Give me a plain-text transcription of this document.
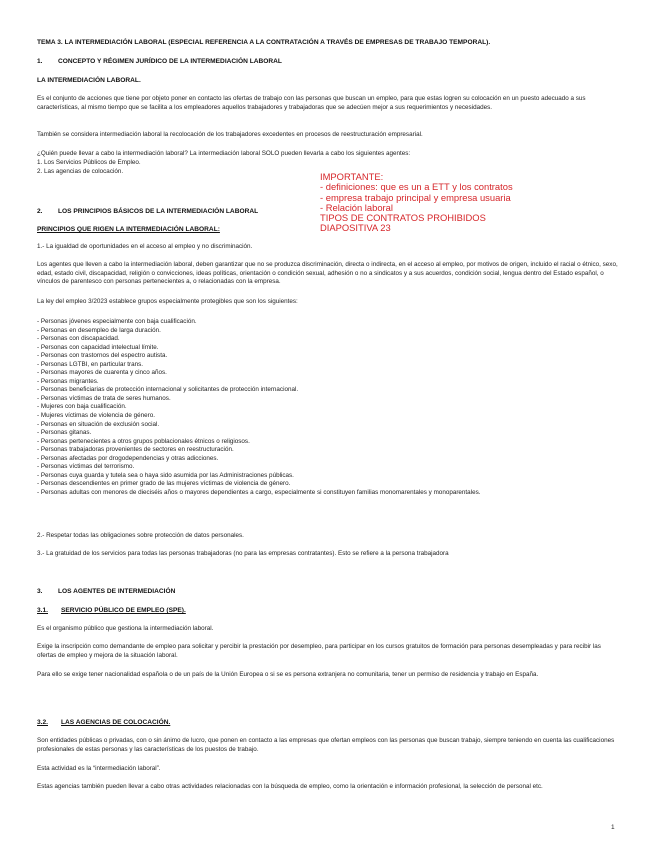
TEMA 3. LA INTERMEDIACIÓN LABORAL (ESPECIAL REFERENCIA A LA CONTRATACIÓN A TRAVÉS DE EMPRESAS DE TRABAJO TEMPORAL).

1. CONCEPTO Y RÉGIMEN JURÍDICO DE LA INTERMEDIACIÓN LABORAL

LA INTERMEDIACIÓN LABORAL.

Es el conjunto de acciones que tiene por objeto poner en contacto las ofertas de trabajo con las personas que buscan un empleo, para que estas logren su colocación en un puesto adecuado a sus características, al mismo tiempo que se facilita a los empleadores aquellos trabajadores y trabajadoras que se adecúen mejor a sus requerimientos y necesidades.

También se considera intermediación laboral la recolocación de los trabajadores excedentes en procesos de reestructuración empresarial.

¿Quién puede llevar a cabo la intermediación laboral? La intermediación laboral SOLO pueden llevarla a cabo los siguientes agentes:

1. Los Servicios Públicos de Empleo.

2. Las agencias de colocación.	IMPORTANTE:
- definiciones: que es un a ETT y los contratos
- empresa trabajo principal y empresa usuaria
- Relación laboral
TIPOS DE CONTRATOS PROHIBIDOS
DIAPOSITIVA 23
2. LOS PRINCIPIOS BÁSICOS DE LA INTERMEDIACIÓN LABORAL

PRINCIPIOS QUE RIGEN LA INTERMEDIACIÓN LABORAL:

1.- La igualdad de oportunidades en el acceso al empleo y no discriminación.

Los agentes que lleven a cabo la intermediación laboral, deben garantizar que no se produzca discriminación, directa o indirecta, en el acceso al empleo, por motivos de origen, incluido el racial o étnico, sexo, edad, estado civil, discapacidad, religión o convicciones, ideas políticas, orientación o condición sexual, adhesión o no a sindicatos y a sus acuerdos, condición social, lengua dentro del Estado español, o vínculos de parentesco con personas pertenecientes a, o relacionadas con la empresa.

La ley del empleo 3/2023 establece grupos especialmente protegibles que son los siguientes:

- Personas jóvenes especialmente con baja cualificación.
- Personas en desempleo de larga duración.
- Personas con discapacidad.
- Personas con capacidad intelectual límite.
- Personas con trastornos del espectro autista.
- Personas LGTBI, en particular trans.
- Personas mayores de cuarenta y cinco años.
- Personas migrantes.
- Personas beneficiarias de protección internacional y solicitantes de protección internacional.
- Personas víctimas de trata de seres humanos.
- Mujeres con baja cualificación.
- Mujeres víctimas de violencia de género.
- Personas en situación de exclusión social.
- Personas gitanas.
- Personas pertenecientes a otros grupos poblacionales étnicos o religiosos.
- Personas trabajadoras provenientes de sectores en reestructuración.
- Personas afectadas por drogodependencias y otras adicciones.
- Personas víctimas del terrorismo.
- Personas cuya guarda y tutela sea o haya sido asumida por las Administraciones públicas.
- Personas descendientes en primer grado de las mujeres víctimas de violencia de género.
- Personas adultas con menores de dieciséis años o mayores dependientes a cargo, especialmente si constituyen familias monomarentales y monoparentales.

2.- Respetar todas las obligaciones sobre protección de datos personales.

3.- La gratuidad de los servicios para todas las personas trabajadoras (no para las empresas contratantes). Esto se refiere a la persona trabajadora

3. LOS AGENTES DE INTERMEDIACIÓN

3.1. SERVICIO PÚBLICO DE EMPLEO (SPE).

Es el organismo público que gestiona la intermediación laboral.

Exige la inscripción como demandante de empleo para solicitar y percibir la prestación por desempleo, para participar en los cursos gratuitos de formación para personas desempleadas y para recibir las ofertas de empleo y mejora de la situación laboral.

Para ello se exige tener nacionalidad española o de un país de la Unión Europea o si se es persona extranjera no comunitaria, tener un permiso de residencia y trabajo en España.

3.2. LAS AGENCIAS DE COLOCACIÓN.

Son entidades públicas o privadas, con o sin ánimo de lucro, que ponen en contacto a las empresas que ofertan empleos con las personas que buscan trabajo, siempre teniendo en cuenta las cualificaciones profesionales de estas personas y las características de los puestos de trabajo.

Esta actividad es la “intermediación laboral”.

Estas agencias también pueden llevar a cabo otras actividades relacionadas con la búsqueda de empleo, como la orientación e información profesional, la selección de personal etc.

1
